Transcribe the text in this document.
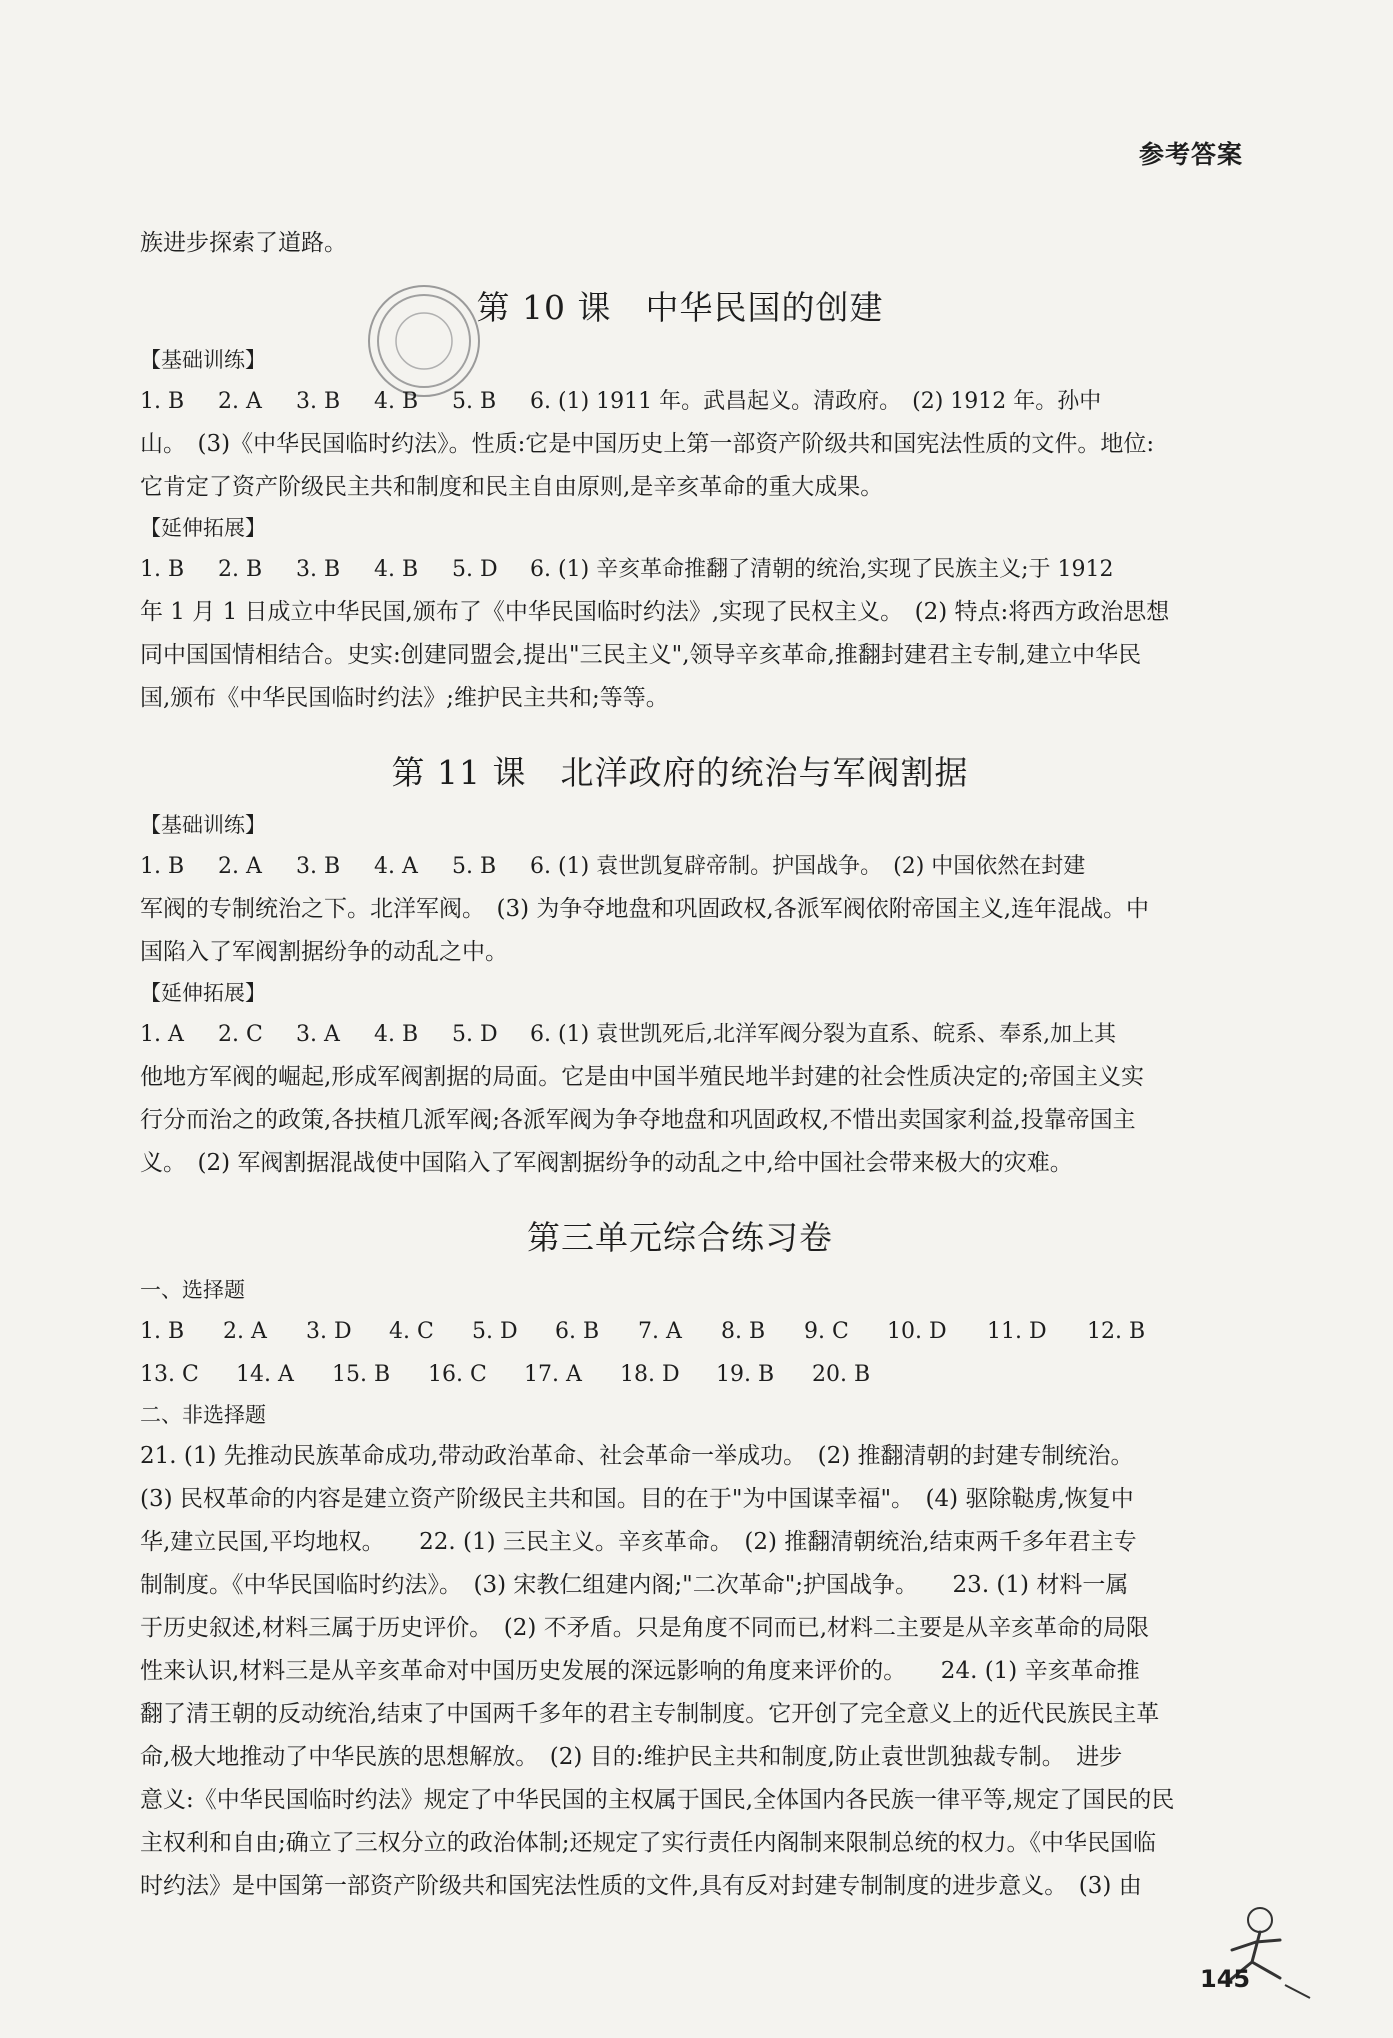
参考答案
族进步探索了道路。
第 10 课　中华民国的创建
【基础训练】
1. B	2. A	3. B	4. B	5. B	6. (1) 1911 年。武昌起义。清政府。　(2) 1912 年。孙中
山。　(3)《中华民国临时约法》。性质:它是中国历史上第一部资产阶级共和国宪法性质的文件。地位:
它肯定了资产阶级民主共和制度和民主自由原则,是辛亥革命的重大成果。
【延伸拓展】
1. B	2. B	3. B	4. B	5. D	6. (1) 辛亥革命推翻了清朝的统治,实现了民族主义;于 1912
年 1 月 1 日成立中华民国,颁布了《中华民国临时约法》,实现了民权主义。　(2) 特点:将西方政治思想
同中国国情相结合。史实:创建同盟会,提出"三民主义",领导辛亥革命,推翻封建君主专制,建立中华民
国,颁布《中华民国临时约法》;维护民主共和;等等。
第 11 课　北洋政府的统治与军阀割据
【基础训练】
1. B	2. A	3. B	4. A	5. B	6. (1) 袁世凯复辟帝制。护国战争。　(2) 中国依然在封建
军阀的专制统治之下。北洋军阀。　(3) 为争夺地盘和巩固政权,各派军阀依附帝国主义,连年混战。中
国陷入了军阀割据纷争的动乱之中。
【延伸拓展】
1. A	2. C	3. A	4. B	5. D	6. (1) 袁世凯死后,北洋军阀分裂为直系、皖系、奉系,加上其
他地方军阀的崛起,形成军阀割据的局面。它是由中国半殖民地半封建的社会性质决定的;帝国主义实
行分而治之的政策,各扶植几派军阀;各派军阀为争夺地盘和巩固政权,不惜出卖国家利益,投靠帝国主
义。　(2) 军阀割据混战使中国陷入了军阀割据纷争的动乱之中,给中国社会带来极大的灾难。
第三单元综合练习卷
一、选择题
1. B	2. A	3. D	4. C	5. D	6. B	7. A	8. B	9. C	10. D	11. D	12. B
13. C	14. A	15. B	16. C	17. A	18. D	19. B	20. B
二、非选择题
21. (1) 先推动民族革命成功,带动政治革命、社会革命一举成功。　(2) 推翻清朝的封建专制统治。
(3) 民权革命的内容是建立资产阶级民主共和国。目的在于"为中国谋幸福"。　(4) 驱除鞑虏,恢复中
华,建立民国,平均地权。　　22. (1) 三民主义。辛亥革命。　(2) 推翻清朝统治,结束两千多年君主专
制制度。《中华民国临时约法》。　(3) 宋教仁组建内阁;"二次革命";护国战争。　　23. (1) 材料一属
于历史叙述,材料三属于历史评价。　(2) 不矛盾。只是角度不同而已,材料二主要是从辛亥革命的局限
性来认识,材料三是从辛亥革命对中国历史发展的深远影响的角度来评价的。　　24. (1) 辛亥革命推
翻了清王朝的反动统治,结束了中国两千多年的君主专制制度。它开创了完全意义上的近代民族民主革
命,极大地推动了中华民族的思想解放。　(2) 目的:维护民主共和制度,防止袁世凯独裁专制。　进步
意义:《中华民国临时约法》规定了中华民国的主权属于国民,全体国内各民族一律平等,规定了国民的民
主权利和自由;确立了三权分立的政治体制;还规定了实行责任内阁制来限制总统的权力。《中华民国临
时约法》是中国第一部资产阶级共和国宪法性质的文件,具有反对封建专制制度的进步意义。　(3) 由
145
